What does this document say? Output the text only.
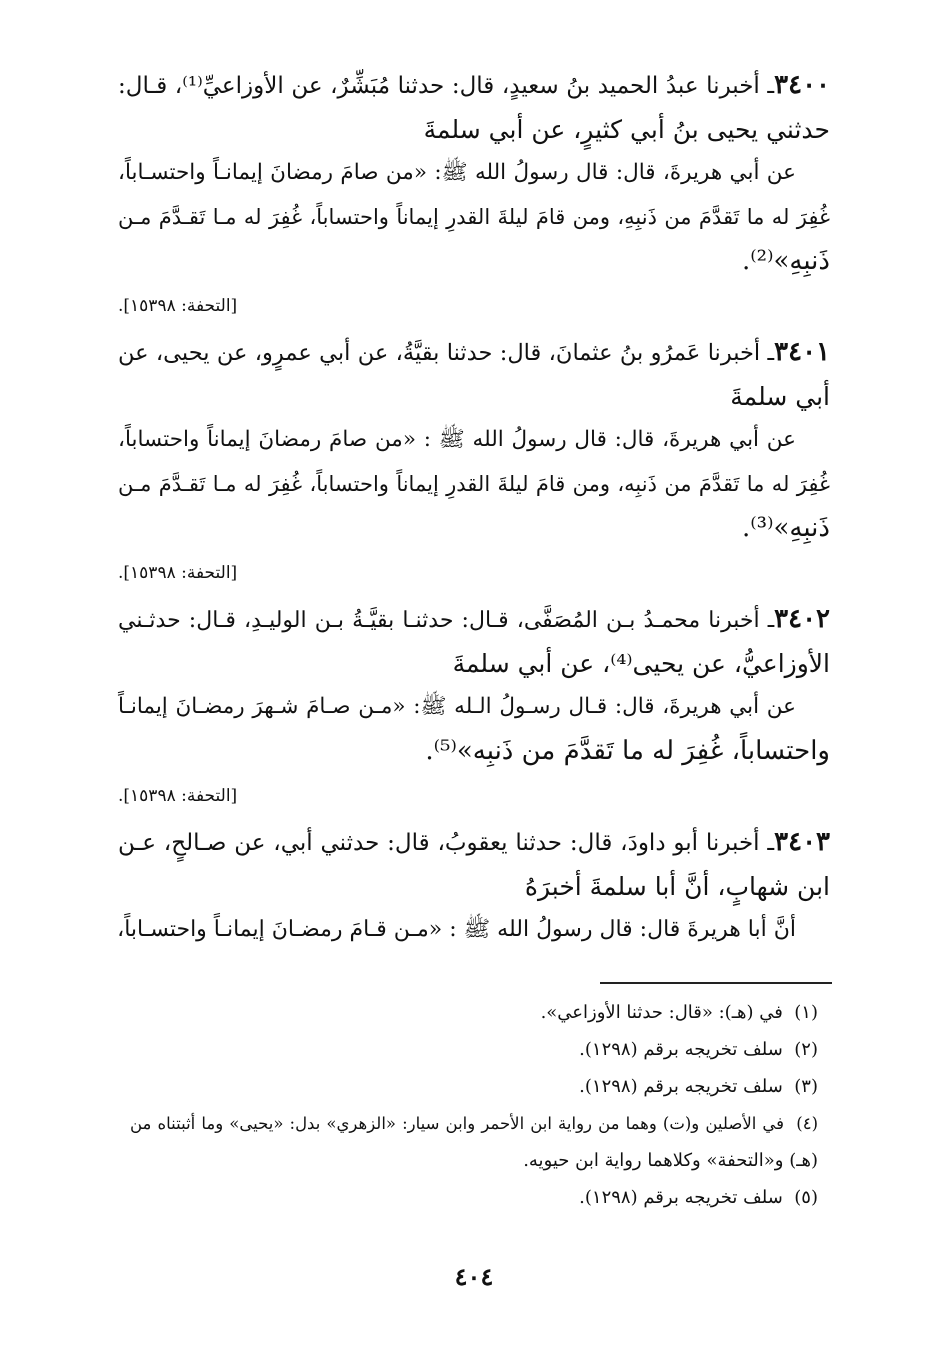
٣٤٠٠ـ أخبرنا عبدُ الحميد بنُ سعيدٍ، قال: حدثنا مُبَشِّرٌ، عن الأوزاعيِّ⁽¹⁾، قـال:
حدثني يحيى بنُ أبي كثيرٍ، عن أبي سلمةَ
عن أبي هريرةَ، قال: قال رسولُ الله ﷺ: «من صامَ رمضانَ إيمانـاً واحتسـاباً،
غُفِرَ له ما تَقدَّمَ من ذَنبِهِ، ومن قامَ ليلةَ القدرِ إيماناً واحتساباً، غُفِرَ له مـا تَقـدَّمَ مـن
ذَنبِهِ»⁽²⁾.
[التحفة: ١٥٣٩٨].
٣٤٠١ـ أخبرنا عَمرُو بنُ عثمانَ، قال: حدثنا بقيَّةُ، عن أبي عمرٍو، عن يحيى، عن
أبي سلمةَ
عن أبي هريرةَ، قال: قال رسولُ الله ﷺ : «من صامَ رمضانَ إيماناً واحتساباً،
غُفِرَ له ما تَقدَّمَ من ذَنبِه، ومن قامَ ليلةَ القدرِ إيماناً واحتساباً، غُفِرَ له مـا تَقـدَّمَ مـن
ذَنبِهِ»⁽³⁾.
[التحفة: ١٥٣٩٨].
٣٤٠٢ـ أخبرنا محمـدُ بـن المُصَفَّى، قـال: حدثنـا بقيَّـةُ بـن الوليـدِ، قـال: حدثـني
الأوزاعيُّ، عن يحيى⁽⁴⁾، عن أبي سلمةَ
عن أبي هريرةَ، قال: قـال رسـولُ الـله ﷺ: «مـن صـامَ شـهرَ رمضـانَ إيمانـاً
واحتساباً، غُفِرَ له ما تَقدَّمَ من ذَنبِه»⁽⁵⁾.
[التحفة: ١٥٣٩٨].
٣٤٠٣ـ أخبرنا أبو داودَ، قال: حدثنا يعقوبُ، قال: حدثني أبي، عن صـالحٍ، عـن
ابن شهابٍ، أنَّ أبا سلمةَ أخبرَهُ
أنَّ أبا هريرةَ قال: قال رسولُ الله ﷺ : «مـن قـامَ رمضـانَ إيمانـاً واحتسـاباً،
(١)  في (هـ): «قال: حدثنا الأوزاعي».
(٢)  سلف تخريجه برقم (١٢٩٨).
(٣)  سلف تخريجه برقم (١٢٩٨).
(٤)  في الأصلين و(ت) وهما من رواية ابن الأحمر وابن سيار: «الزهري» بدل: «يحيى» وما أثبتناه من
(هـ) و«التحفة» وكلاهما رواية ابن حيويه.
(٥)  سلف تخريجه برقم (١٢٩٨).
٤٠٤
